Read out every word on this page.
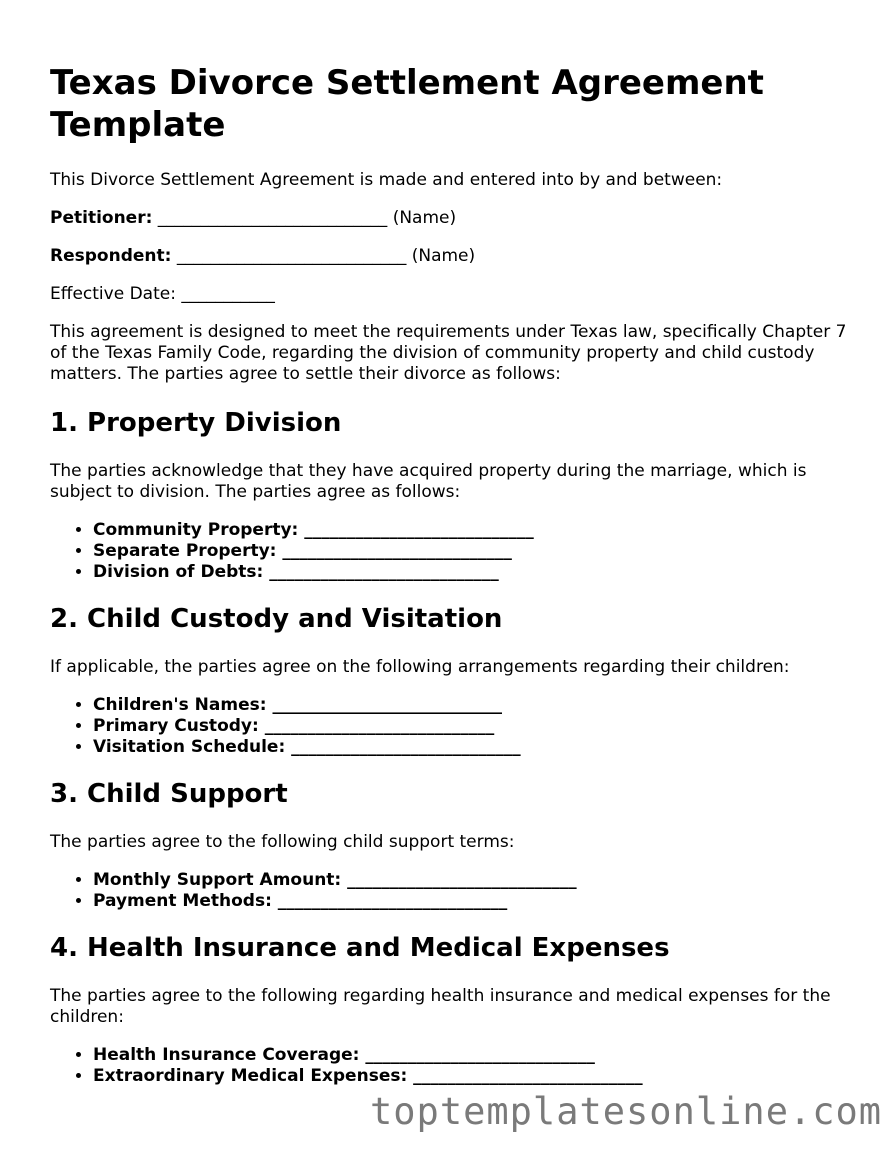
Texas Divorce Settlement Agreement Template

This Divorce Settlement Agreement is made and entered into by and between:

Petitioner: ___________________________ (Name)

Respondent: ___________________________ (Name)

Effective Date: ___________

This agreement is designed to meet the requirements under Texas law, specifically Chapter 7 of the Texas Family Code, regarding the division of community property and child custody matters. The parties agree to settle their divorce as follows:

1. Property Division

The parties acknowledge that they have acquired property during the marriage, which is subject to division. The parties agree as follows:

• Community Property: ___________________________
• Separate Property: ___________________________
• Division of Debts: ___________________________
2. Child Custody and Visitation

If applicable, the parties agree on the following arrangements regarding their children:

• Children's Names: ___________________________
• Primary Custody: ___________________________
• Visitation Schedule: ___________________________
3. Child Support

The parties agree to the following child support terms:

• Monthly Support Amount: ___________________________
• Payment Methods: ___________________________
4. Health Insurance and Medical Expenses

The parties agree to the following regarding health insurance and medical expenses for the children:

• Health Insurance Coverage: ___________________________
• Extraordinary Medical Expenses: ___________________________
toptemplatesonline.com
